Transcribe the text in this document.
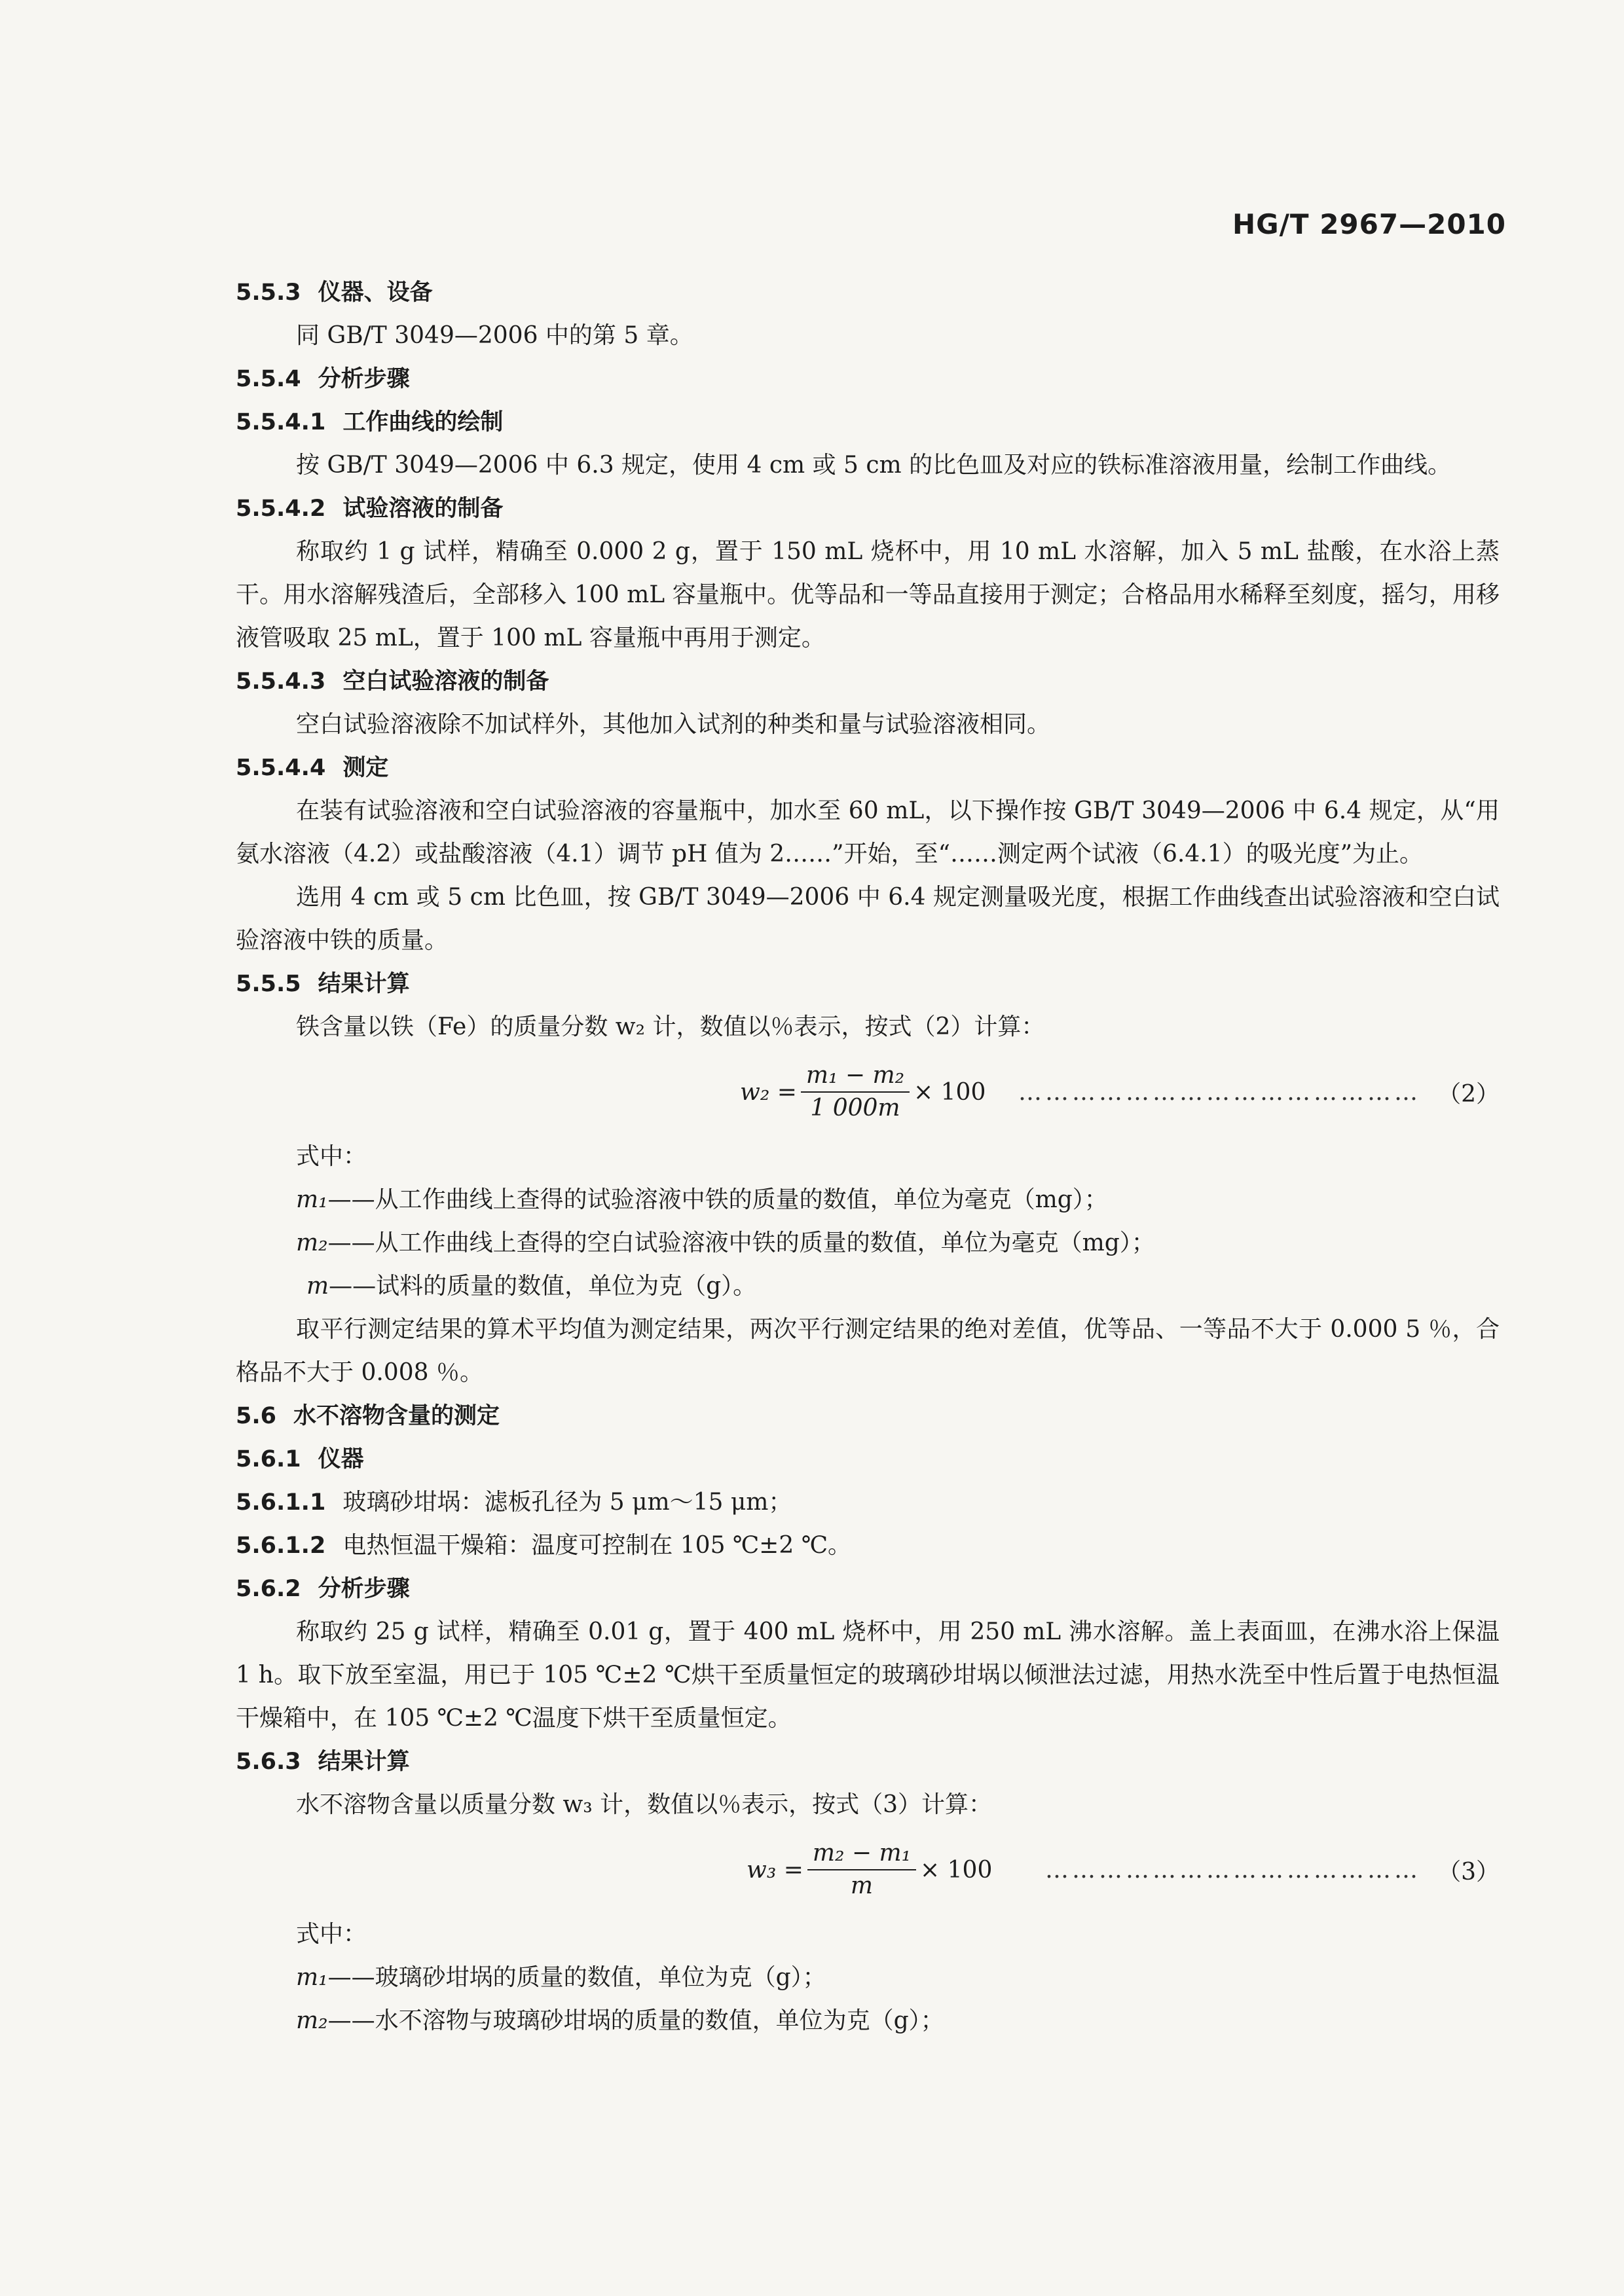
HG/T 2967—2010
5.5.3 仪器、设备
同 GB/T 3049—2006 中的第 5 章。
5.5.4 分析步骤
5.5.4.1 工作曲线的绘制
按 GB/T 3049—2006 中 6.3 规定，使用 4 cm 或 5 cm 的比色皿及对应的铁标准溶液用量，绘制工作曲线。
5.5.4.2 试验溶液的制备
称取约 1 g 试样，精确至 0.000 2 g，置于 150 mL 烧杯中，用 10 mL 水溶解，加入 5 mL 盐酸，在水浴上蒸干。用水溶解残渣后，全部移入 100 mL 容量瓶中。优等品和一等品直接用于测定；合格品用水稀释至刻度，摇匀，用移液管吸取 25 mL，置于 100 mL 容量瓶中再用于测定。
5.5.4.3 空白试验溶液的制备
空白试验溶液除不加试样外，其他加入试剂的种类和量与试验溶液相同。
5.5.4.4 测定
在装有试验溶液和空白试验溶液的容量瓶中，加水至 60 mL，以下操作按 GB/T 3049—2006 中 6.4 规定，从“用氨水溶液（4.2）或盐酸溶液（4.1）调节 pH 值为 2……”开始，至“……测定两个试液（6.4.1）的吸光度”为止。
选用 4 cm 或 5 cm 比色皿，按 GB/T 3049—2006 中 6.4 规定测量吸光度，根据工作曲线查出试验溶液和空白试验溶液中铁的质量。
5.5.5 结果计算
铁含量以铁（Fe）的质量分数 w₂ 计，数值以％表示，按式（2）计算：
$w_2 = \frac{\text{m₁ − m₂}}{1 000m} \times 100$ ……………………………………… （2）
式中：
m₁——从工作曲线上查得的试验溶液中铁的质量的数值，单位为毫克（mg）；
m₂——从工作曲线上查得的空白试验溶液中铁的质量的数值，单位为毫克（mg）；
m——试料的质量的数值，单位为克（g）。
取平行测定结果的算术平均值为测定结果，两次平行测定结果的绝对差值，优等品、一等品不大于 0.000 5 ％，合格品不大于 0.008 ％。
5.6 水不溶物含量的测定
5.6.1 仪器
5.6.1.1 玻璃砂坩埚：滤板孔径为 5 μm～15 μm；
5.6.1.2 电热恒温干燥箱：温度可控制在 105 ℃±2 ℃。
5.6.2 分析步骤
称取约 25 g 试样，精确至 0.01 g，置于 400 mL 烧杯中，用 250 mL 沸水溶解。盖上表面皿，在沸水浴上保温 1 h。取下放至室温，用已于 105 ℃±2 ℃烘干至质量恒定的玻璃砂坩埚以倾泄法过滤，用热水洗至中性后置于电热恒温干燥箱中，在 105 ℃±2 ℃温度下烘干至质量恒定。
5.6.3 结果计算
水不溶物含量以质量分数 w₃ 计，数值以％表示，按式（3）计算：
$w_3 = \frac{\text{m₂ − m₁}}{m} \times 100$ …………………………………… （3）
式中：
m₁——玻璃砂坩埚的质量的数值，单位为克（g）；
m₂——水不溶物与玻璃砂坩埚的质量的数值，单位为克（g）；
